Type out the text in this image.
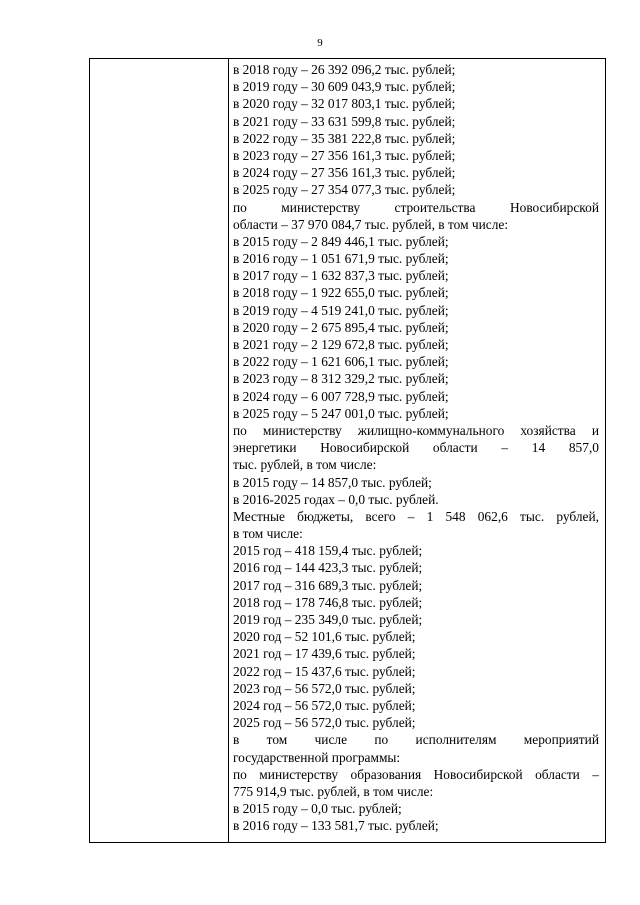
9
в 2018 году – 26 392 096,2 тыс. рублей;
в 2019 году – 30 609 043,9 тыс. рублей;
в 2020 году – 32 017 803,1 тыс. рублей;
в 2021 году – 33 631 599,8 тыс. рублей;
в 2022 году – 35 381 222,8 тыс. рублей;
в 2023 году – 27 356 161,3 тыс. рублей;
в 2024 году – 27 356 161,3 тыс. рублей;
в 2025 году – 27 354 077,3 тыс. рублей;
по министерству строительства Новосибирской
области – 37 970 084,7 тыс. рублей, в том числе:
в 2015 году – 2 849 446,1 тыс. рублей;
в 2016 году – 1 051 671,9 тыс. рублей;
в 2017 году – 1 632 837,3 тыс. рублей;
в 2018 году – 1 922 655,0 тыс. рублей;
в 2019 году – 4 519 241,0 тыс. рублей;
в 2020 году – 2 675 895,4 тыс. рублей;
в 2021 году – 2 129 672,8 тыс. рублей;
в 2022 году – 1 621 606,1 тыс. рублей;
в 2023 году – 8 312 329,2 тыс. рублей;
в 2024 году – 6 007 728,9 тыс. рублей;
в 2025 году – 5 247 001,0 тыс. рублей;
по министерству жилищно-коммунального хозяйства и
энергетики Новосибирской области – 14 857,0
тыс. рублей, в том числе:
в 2015 году – 14 857,0 тыс. рублей;
в 2016-2025 годах – 0,0 тыс. рублей.
Местные бюджеты, всего – 1 548 062,6 тыс. рублей,
в том числе:
2015 год – 418 159,4 тыс. рублей;
2016 год – 144 423,3 тыс. рублей;
2017 год – 316 689,3 тыс. рублей;
2018 год – 178 746,8 тыс. рублей;
2019 год – 235 349,0 тыс. рублей;
2020 год – 52 101,6 тыс. рублей;
2021 год – 17 439,6 тыс. рублей;
2022 год – 15 437,6 тыс. рублей;
2023 год – 56 572,0 тыс. рублей;
2024 год – 56 572,0 тыс. рублей;
2025 год – 56 572,0 тыс. рублей;
в том числе по исполнителям мероприятий
государственной программы:
по министерству образования Новосибирской области –
775 914,9 тыс. рублей, в том числе:
в 2015 году – 0,0 тыс. рублей;
в 2016 году – 133 581,7 тыс. рублей;
